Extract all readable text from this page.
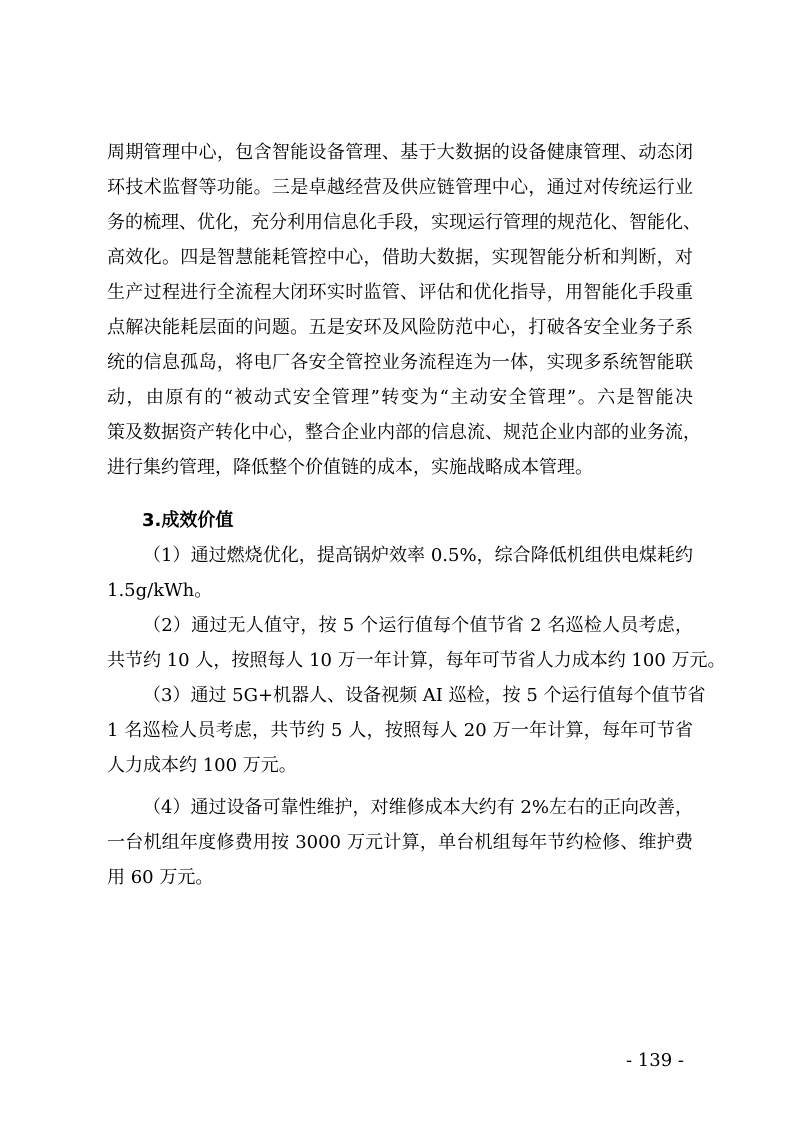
周期管理中心，包含智能设备管理、基于大数据的设备健康管理、动态闭
环技术监督等功能。三是卓越经营及供应链管理中心，通过对传统运行业
务的梳理、优化，充分利用信息化手段，实现运行管理的规范化、智能化、
高效化。四是智慧能耗管控中心，借助大数据，实现智能分析和判断，对
生产过程进行全流程大闭环实时监管、评估和优化指导，用智能化手段重
点解决能耗层面的问题。五是安环及风险防范中心，打破各安全业务子系
统的信息孤岛，将电厂各安全管控业务流程连为一体，实现多系统智能联
动，由原有的“被动式安全管理”转变为“主动安全管理”。六是智能决
策及数据资产转化中心，整合企业内部的信息流、规范企业内部的业务流，
进行集约管理，降低整个价值链的成本，实施战略成本管理。
3.成效价值
（1）通过燃烧优化，提高锅炉效率 0.5%，综合降低机组供电煤耗约
1.5g/kWh。
（2）通过无人值守，按 5 个运行值每个值节省 2 名巡检人员考虑，
共节约 10 人，按照每人 10 万一年计算，每年可节省人力成本约 100 万元。
（3）通过 5G+机器人、设备视频 AI 巡检，按 5 个运行值每个值节省
1 名巡检人员考虑，共节约 5 人，按照每人 20 万一年计算，每年可节省
人力成本约 100 万元。
（4）通过设备可靠性维护，对维修成本大约有 2%左右的正向改善，
一台机组年度修费用按 3000 万元计算，单台机组每年节约检修、维护费
用 60 万元。
- 139 -
